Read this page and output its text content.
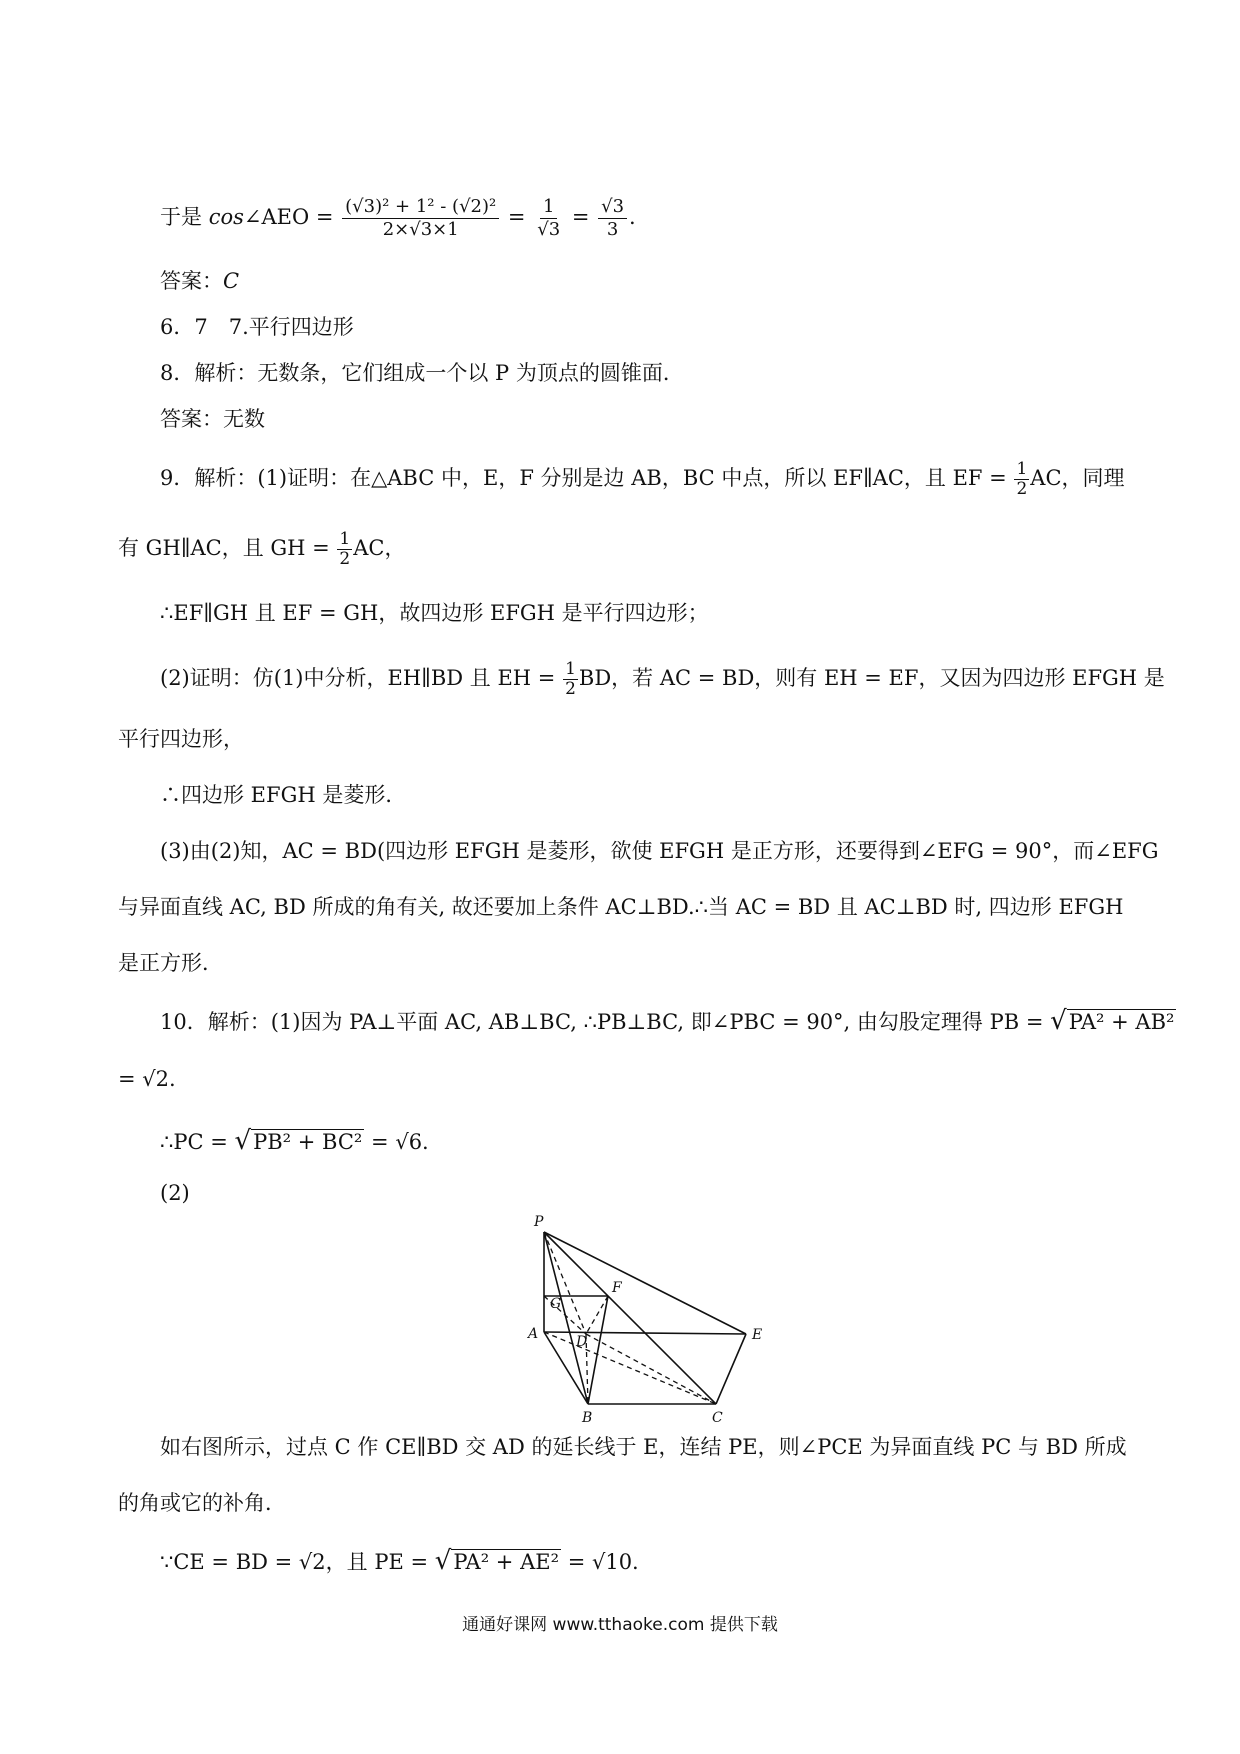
于是 cos∠AEO = $\frac{\text{(√3)² + 1² - (√2)²}}{2\times√3\times 1} = \frac{1}{√3} = \frac{√3}{3}$ .
答案：C
6．7　7.平行四边形
8．解析：无数条，它们组成一个以 P 为顶点的圆锥面．
答案：无数
9．解析：(1)证明：在△ABC 中，E，F 分别是边 AB，BC 中点，所以 EF∥AC，且 EF = $\frac{1}{2}$ AC，同理
有 GH∥AC，且 GH = $\frac{1}{2}$ AC，
∴EF∥GH 且 EF = GH，故四边形 EFGH 是平行四边形；
(2)证明：仿(1)中分析，EH∥BD 且 EH = $\frac{1}{2}$ BD，若 AC = BD，则有 EH = EF，又因为四边形 EFGH 是
平行四边形，
∴四边形 EFGH 是菱形．
(3)由(2)知，AC = BD(四边形 EFGH 是菱形，欲使 EFGH 是正方形，还要得到∠EFG = 90°，而∠EFG
与异面直线 AC, BD 所成的角有关, 故还要加上条件 AC⊥BD.∴当 AC = BD 且 AC⊥BD 时, 四边形 EFGH
是正方形．
10．解析：(1)因为 PA⊥平面 AC, AB⊥BC, ∴PB⊥BC, 即∠PBC = 90°, 由勾股定理得 PB = √PA² + AB²
= √2.
∴PC = √PB² + BC² = √6.
(2)
P
A
B	C
D	E
F
G
如右图所示，过点 C 作 CE∥BD 交 AD 的延长线于 E，连结 PE，则∠PCE 为异面直线 PC 与 BD 所成
的角或它的补角．
∵CE = BD = √2，且 PE = √PA² + AE² = √10.
通通好课网 www.tthaoke.com 提供下载
